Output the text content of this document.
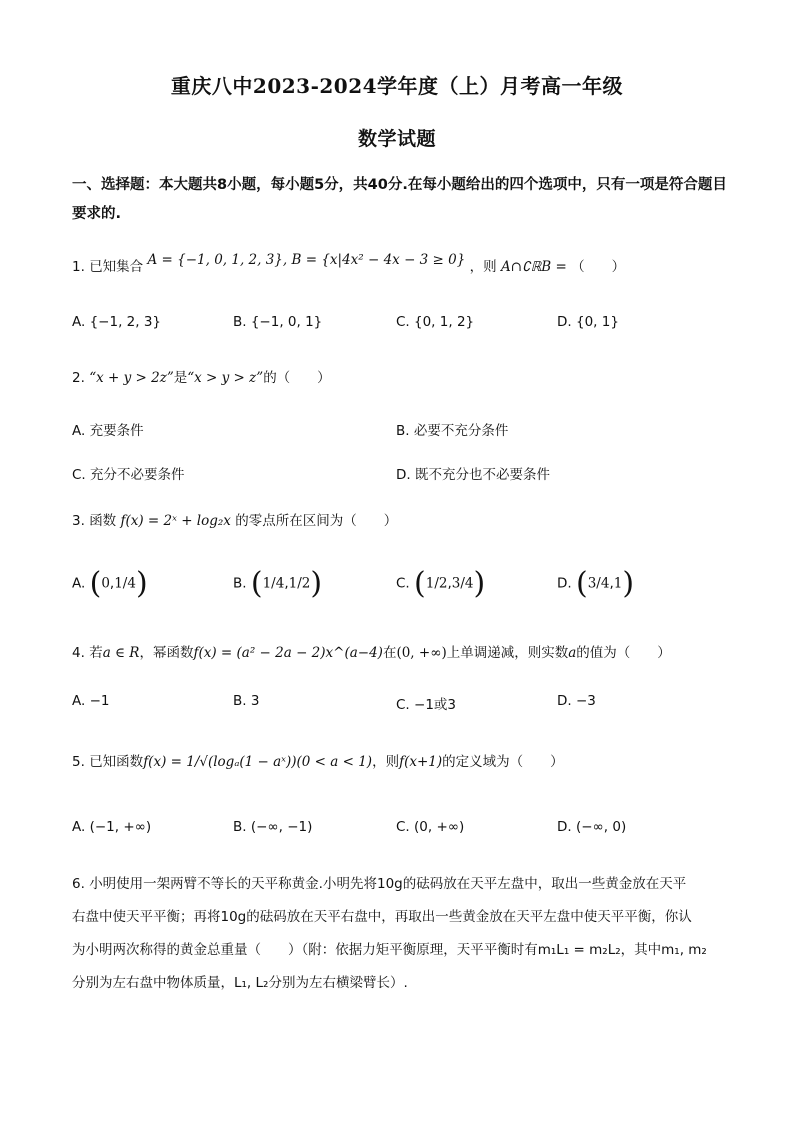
重庆八中2023-2024学年度（上）月考高一年级
数学试题
一、选择题：本大题共8小题，每小题5分，共40分.在每小题给出的四个选项中，只有一项是符合题目要求的.
1. 已知集合 A = {−1, 0, 1, 2, 3}, B = {x|4x² − 4x − 3 ≥ 0} ，则 A∩∁ℝB = （　　）
A. {−1, 2, 3}	B. {−1, 0, 1}	C. {0, 1, 2}	D. {0, 1}
2. “x + y > 2z”是“x > y > z”的（　　）
A. 充要条件	B. 必要不充分条件
C. 充分不必要条件	D. 既不充分也不必要条件
3. 函数 f(x) = 2ˣ + log₂x 的零点所在区间为（　　）
A. (0,1/4)	B. (1/4,1/2)	C. (1/2,3/4)	D. (3/4,1)
4. 若a ∈ R，幂函数f(x) = (a² − 2a − 2)x^(a−4)在(0, +∞)上单调递减，则实数a的值为（　　）
A. −1	B. 3	C. −1或3	D. −3
5. 已知函数f(x) = 1/√(logₐ(1 − aˣ))(0 < a < 1)，则f(x+1)的定义域为（　　）
A. (−1, +∞)	B. (−∞, −1)	C. (0, +∞)	D. (−∞, 0)
6. 小明使用一架两臂不等长的天平称黄金.小明先将10g的砝码放在天平左盘中，取出一些黄金放在天平
右盘中使天平平衡；再将10g的砝码放在天平右盘中，再取出一些黄金放在天平左盘中使天平平衡，你认
为小明两次称得的黄金总重量（　　）（附：依据力矩平衡原理，天平平衡时有m₁L₁ = m₂L₂，其中m₁, m₂
分别为左右盘中物体质量，L₁, L₂分别为左右横梁臂长）.
